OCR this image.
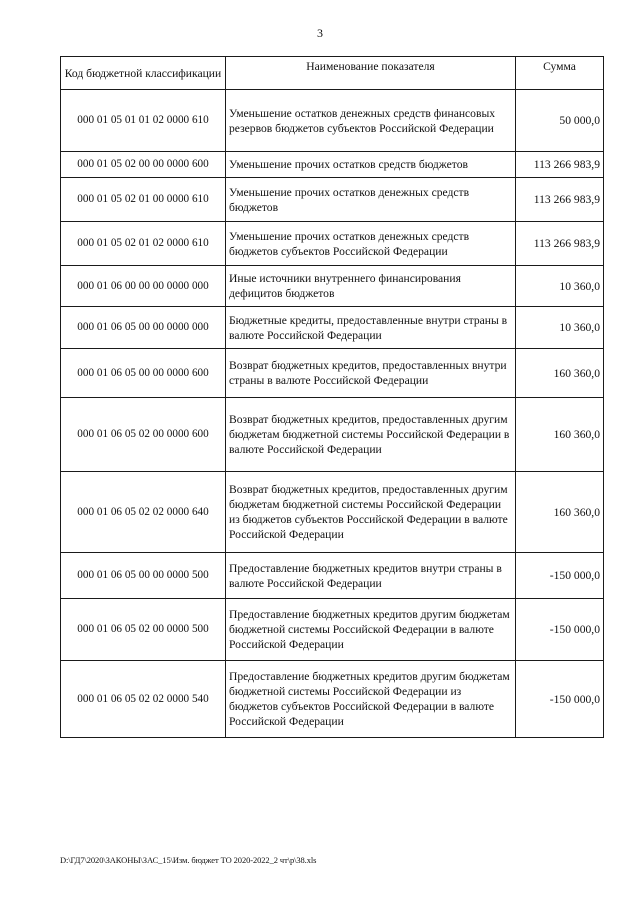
3
Код бюджетной классификации	Наименование показателя	Сумма
000 01 05 01 01 02 0000 610	Уменьшение остатков денежных средств финансовых резервов бюджетов субъектов Российской Федерации	50 000,0
000 01 05 02 00 00 0000 600	Уменьшение прочих остатков средств бюджетов	113 266 983,9
000 01 05 02 01 00 0000 610	Уменьшение прочих остатков денежных средств бюджетов	113 266 983,9
000 01 05 02 01 02 0000 610	Уменьшение прочих остатков денежных средств бюджетов субъектов Российской Федерации	113 266 983,9
000 01 06 00 00 00 0000 000	Иные источники внутреннего финансирования дефицитов бюджетов	10 360,0
000 01 06 05 00 00 0000 000	Бюджетные кредиты, предоставленные внутри страны в валюте Российской Федерации	10 360,0
000 01 06 05 00 00 0000 600	Возврат бюджетных кредитов, предоставленных внутри страны в валюте Российской Федерации	160 360,0
000 01 06 05 02 00 0000 600	Возврат бюджетных кредитов, предоставленных другим бюджетам бюджетной системы Российской Федерации в валюте Российской Федерации	160 360,0
000 01 06 05 02 02 0000 640	Возврат бюджетных кредитов, предоставленных другим бюджетам бюджетной системы Российской Федерации из бюджетов субъектов Российской Федерации в валюте Российской Федерации	160 360,0
000 01 06 05 00 00 0000 500	Предоставление бюджетных кредитов внутри страны в валюте Российской Федерации	-150 000,0
000 01 06 05 02 00 0000 500	Предоставление бюджетных кредитов другим бюджетам бюджетной системы Российской Федерации в валюте Российской Федерации	-150 000,0
000 01 06 05 02 02 0000 540	Предоставление бюджетных кредитов другим бюджетам бюджетной системы Российской Федерации из бюджетов субъектов Российской Федерации в валюте Российской Федерации	-150 000,0
D:\ГД7\2020\ЗАКОНЫ\ЗАС_15\Изм. бюджет ТО 2020-2022_2 чт\р\38.xls
